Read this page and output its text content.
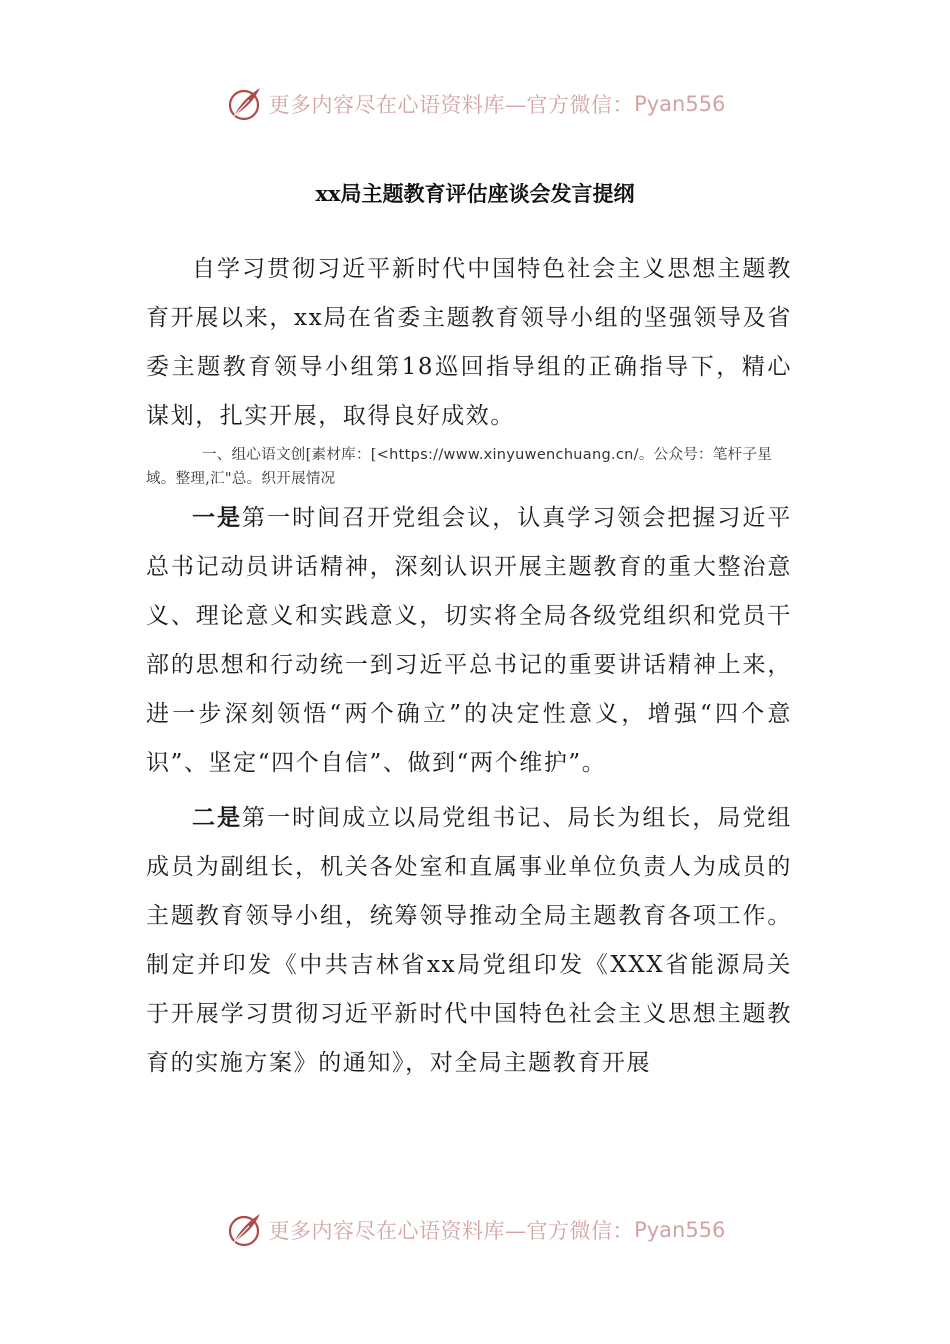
更多内容尽在心语资料库—官方微信： Pyan556
xx局主题教育评估座谈会发言提纲

自学习贯彻习近平新时代中国特色社会主义思想主题教育开展以来，xx局在省委主题教育领导小组的坚强领导及省委主题教育领导小组第18巡回指导组的正确指导下，精心谋划，扎实开展，取得良好成效。

一、组心语文创[素材库：[<https://www.xinyuwenchuang.cn/。公众号：笔杆子星域。整理,汇"总。织开展情况

一是第一时间召开党组会议，认真学习领会把握习近平总书记动员讲话精神，深刻认识开展主题教育的重大整治意义、理论意义和实践意义，切实将全局各级党组织和党员干部的思想和行动统一到习近平总书记的重要讲话精神上来，进一步深刻领悟“两个确立”的决定性意义，增强“四个意识”、坚定“四个自信”、做到“两个维护”。

二是第一时间成立以局党组书记、局长为组长，局党组成员为副组长，机关各处室和直属事业单位负责人为成员的主题教育领导小组，统筹领导推动全局主题教育各项工作。制定并印发《中共吉林省xx局党组印发《XXX省能源局关于开展学习贯彻习近平新时代中国特色社会主义思想主题教育的实施方案》的通知》，对全局主题教育开展

更多内容尽在心语资料库—官方微信： Pyan556
